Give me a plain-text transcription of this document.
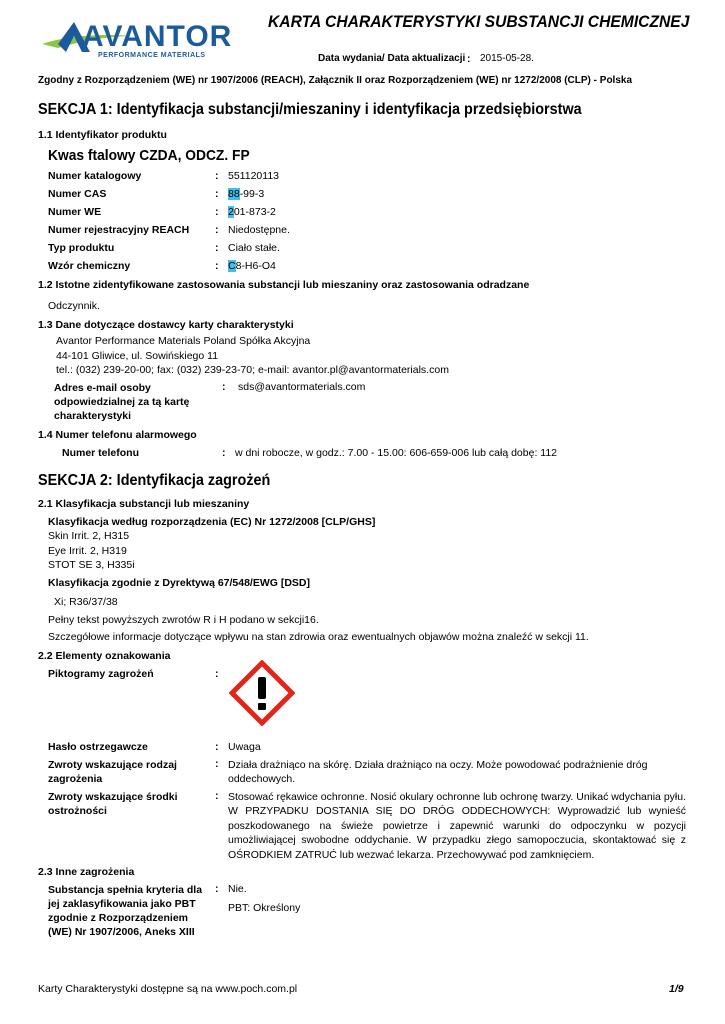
AVANTOR
PERFORMANCE MATERIALS
KARTA CHARAKTERYSTYKI SUBSTANCJI CHEMICZNEJ
Data wydania/ Data aktualizacji : 2015-05-28.
Zgodny z Rozporządzeniem (WE) nr 1907/2006 (REACH), Załącznik II oraz Rozporządzeniem (WE) nr 1272/2008 (CLP) - Polska
SEKCJA 1: Identyfikacja substancji/mieszaniny i identyfikacja przedsiębiorstwa
1.1 Identyfikator produktu
Kwas ftalowy CZDA, ODCZ. FP
Numer katalogowy	: 551120113
Numer CAS	: 88-99-3
Numer WE	: 201-873-2
Numer rejestracyjny REACH : Niedostępne.
Typ produktu	: Ciało stałe.
Wzór chemiczny	: C8-H6-O4
1.2 Istotne zidentyfikowane zastosowania substancji lub mieszaniny oraz zastosowania odradzane
Odczynnik.
1.3 Dane dotyczące dostawcy karty charakterystyki
Avantor Performance Materials Poland Spółka Akcyjna
44-101 Gliwice, ul. Sowińskiego 11
tel.: (032) 239-20-00; fax: (032) 239-23-70; e-mail: avantor.pl@avantormaterials.com
Adres e-mail osoby odpowiedzialnej za tą kartę charakterystyki
: sds@avantormaterials.com
1.4 Numer telefonu alarmowego
Numer telefonu	: w dni robocze, w godz.: 7.00 - 15.00: 606-659-006 lub całą dobę: 112
SEKCJA 2: Identyfikacja zagrożeń
2.1 Klasyfikacja substancji lub mieszaniny
Klasyfikacja według rozporządzenia (EC) Nr 1272/2008 [CLP/GHS]
Skin Irrit. 2, H315
Eye Irrit. 2, H319
STOT SE 3, H335i
Klasyfikacja zgodnie z Dyrektywą 67/548/EWG [DSD]
Xi; R36/37/38
Pełny tekst powyższych zwrotów R i H podano w sekcji16.
Szczegółowe informacje dotyczące wpływu na stan zdrowia oraz ewentualnych objawów można znaleźć w sekcji 11.
2.2 Elementy oznakowania
Piktogramy zagrożeń	:
Hasło ostrzegawcze	: Uwaga
Zwroty wskazujące rodzaj zagrożenia
: Działa drażniąco na skórę. Działa drażniąco na oczy. Może powodować podrażnienie dróg oddechowych.
Zwroty wskazujące środki ostrożności
: Stosować rękawice ochronne. Nosić okulary ochronne lub ochronę twarzy. Unikać wdychania pyłu. W PRZYPADKU DOSTANIA SIĘ DO DRÓG ODDECHOWYCH: Wyprowadzić lub wynieść poszkodowanego na świeże powietrze i zapewnić warunki do odpoczynku w pozycji umożliwiającej swobodne oddychanie. W przypadku złego samopoczucia, skontaktować się z OŚRODKIEM ZATRUĆ lub wezwać lekarza. Przechowywać pod zamknięciem.
2.3 Inne zagrożenia
Substancja spełnia kryteria dla jej zaklasyfikowania jako PBT zgodnie z Rozporządzeniem (WE) Nr 1907/2006, Aneks XIII
: Nie.
PBT: Określony
Karty Charakterystyki dostępne są na www.poch.com.pl	1/9
